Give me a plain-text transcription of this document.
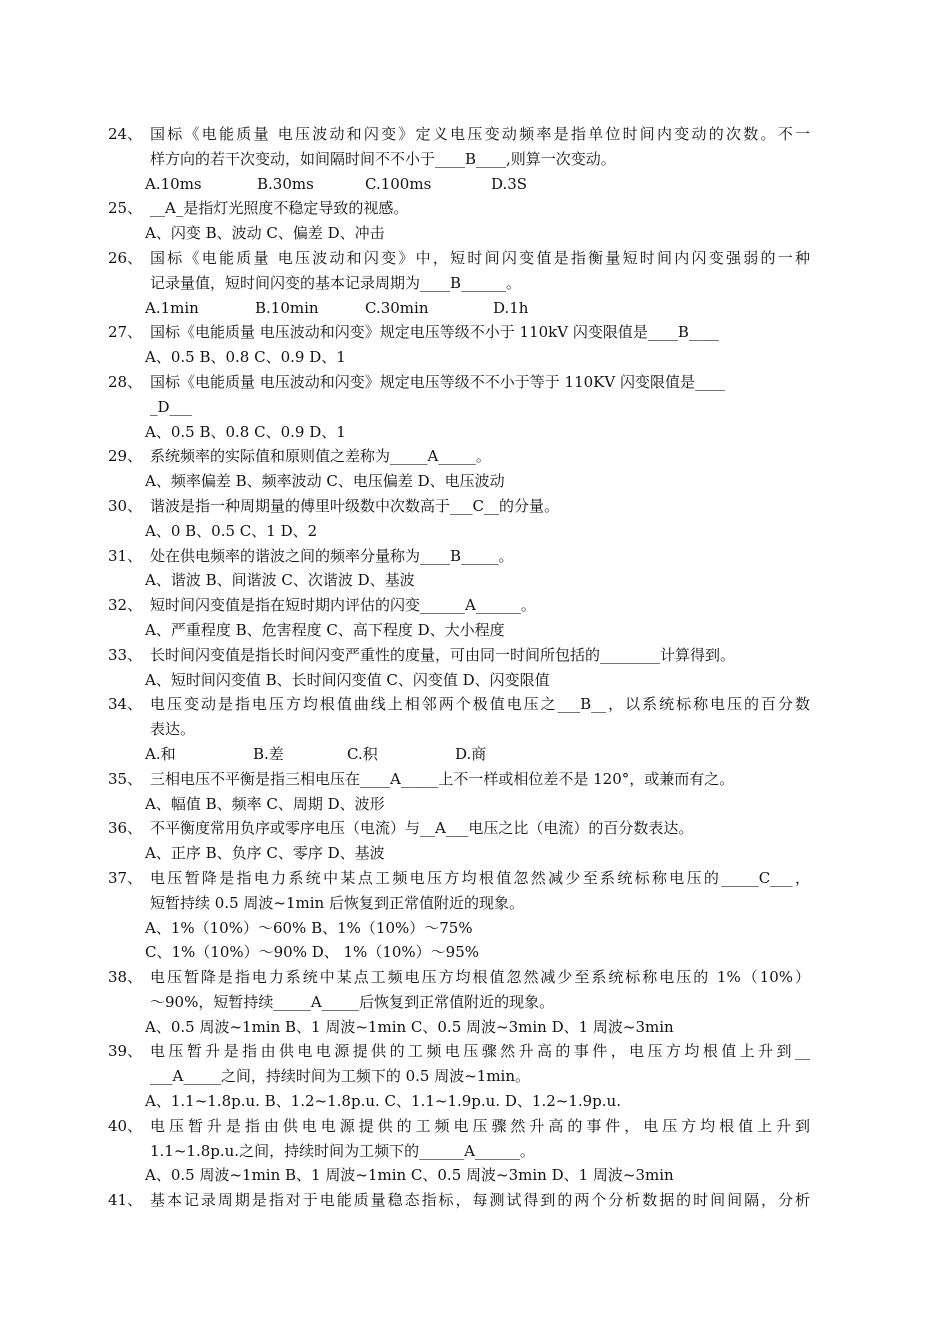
24、 国标《电能质量 电压波动和闪变》定义电压变动频率是指单位时间内变动的次数。不一
样方向的若干次变动，如间隔时间不不小于____B____,则算一次变动。
A.10ms	B.30ms	C.100ms	D.3S
25、 __A_是指灯光照度不稳定导致的视感。
A、闪变 B、波动 C、偏差 D、冲击
26、 国标《电能质量 电压波动和闪变》中，短时间闪变值是指衡量短时间内闪变强弱的一种
记录量值，短时间闪变的基本记录周期为____B______。
A.1min	B.10min	C.30min	D.1h
27、 国标《电能质量 电压波动和闪变》规定电压等级不小于 110kV 闪变限值是____B____
A、0.5 B、0.8 C、0.9 D、1
28、 国标《电能质量 电压波动和闪变》规定电压等级不不小于等于 110KV 闪变限值是____
_D___
A、0.5 B、0.8 C、0.9 D、1
29、 系统频率的实际值和原则值之差称为_____A_____。
A、频率偏差 B、频率波动 C、电压偏差 D、电压波动
30、 谐波是指一种周期量的傅里叶级数中次数高于___C__的分量。
A、0 B、0.5 C、1 D、2
31、 处在供电频率的谐波之间的频率分量称为____B_____。
A、谐波 B、间谐波 C、次谐波 D、基波
32、 短时间闪变值是指在短时期内评估的闪变______A______。
A、严重程度 B、危害程度 C、高下程度 D、大小程度
33、 长时间闪变值是指长时间闪变严重性的度量，可由同一时间所包括的________计算得到。
A、短时间闪变值 B、长时间闪变值 C、闪变值 D、闪变限值
34、 电压变动是指电压方均根值曲线上相邻两个极值电压之___B__，以系统标称电压的百分数
表达。
A.和	B.差	C.积	D.商
35、 三相电压不平衡是指三相电压在____A_____上不一样或相位差不是 120°，或兼而有之。
A、幅值 B、频率 C、周期 D、波形
36、 不平衡度常用负序或零序电压（电流）与__A___电压之比（电流）的百分数表达。
A、正序 B、负序 C、零序 D、基波
37、 电压暂降是指电力系统中某点工频电压方均根值忽然减少至系统标称电压的_____C___，
短暂持续 0.5 周波~1min 后恢复到正常值附近的现象。
A、1%（10%）～60% B、1%（10%）～75%
C、1%（10%）～90% D、 1%（10%）～95%
38、 电压暂降是指电力系统中某点工频电压方均根值忽然减少至系统标称电压的 1%（10%）
～90%，短暂持续_____A_____后恢复到正常值附近的现象。
A、0.5 周波~1min B、1 周波~1min C、0.5 周波~3min D、1 周波~3min
39、 电压暂升是指由供电电源提供的工频电压骤然升高的事件，电压方均根值上升到__
___A_____之间，持续时间为工频下的 0.5 周波~1min。
A、1.1~1.8p.u. B、1.2~1.8p.u. C、1.1~1.9p.u. D、1.2~1.9p.u.
40、 电压暂升是指由供电电源提供的工频电压骤然升高的事件，电压方均根值上升到
1.1~1.8p.u.之间，持续时间为工频下的______A______。
A、0.5 周波~1min B、1 周波~1min C、0.5 周波~3min D、1 周波~3min
41、 基本记录周期是指对于电能质量稳态指标，每测试得到的两个分析数据的时间间隔，分析
